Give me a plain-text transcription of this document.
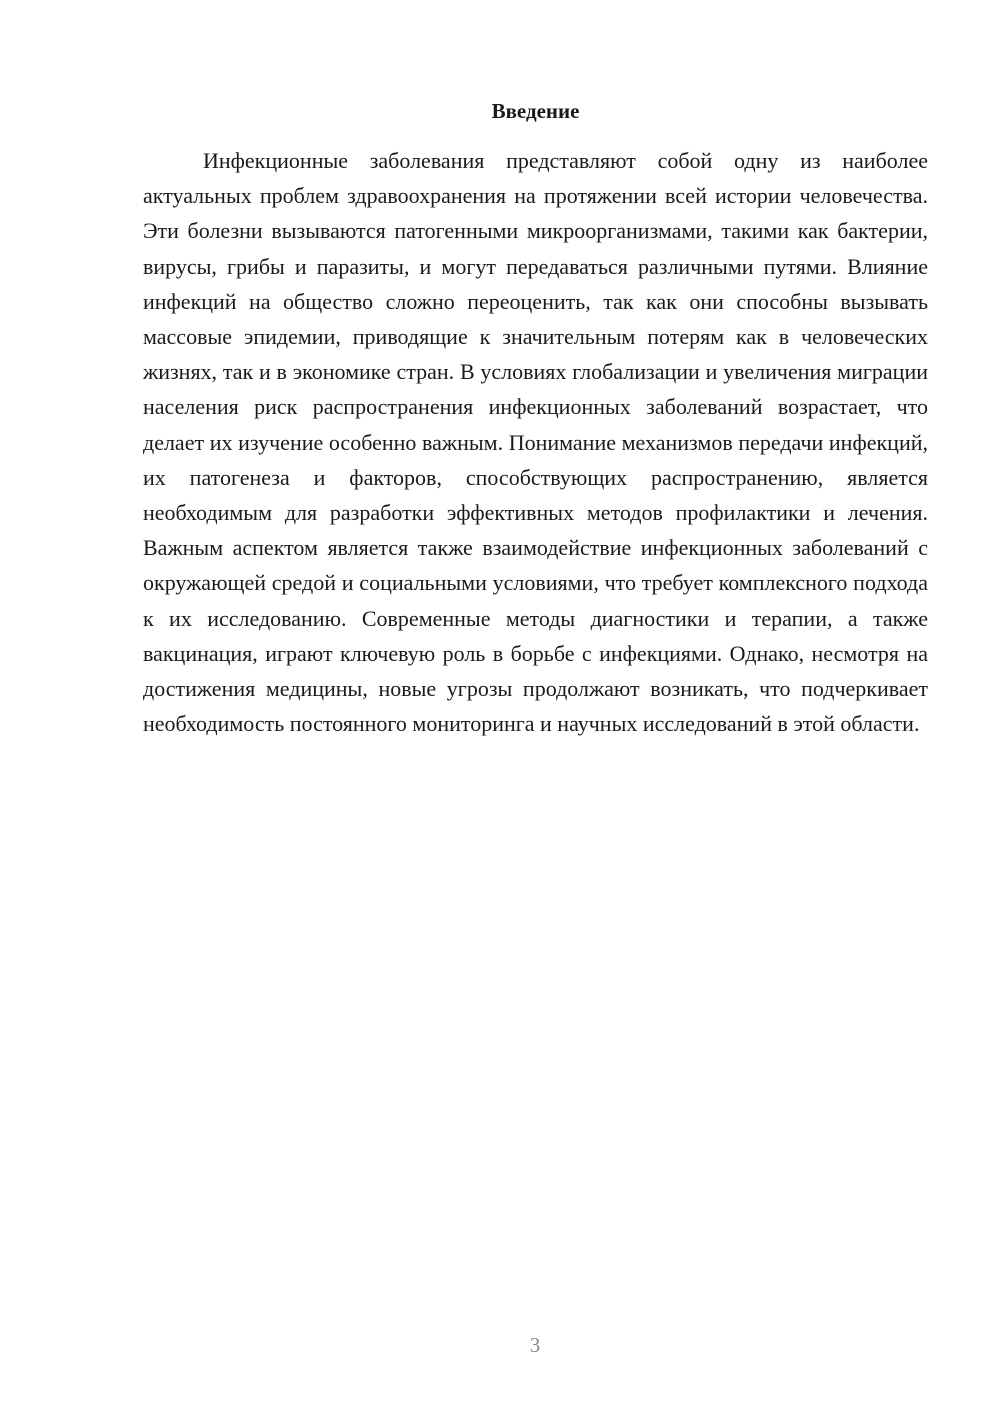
Введение

Инфекционные заболевания представляют собой одну из наиболее актуальных проблем здравоохранения на протяжении всей истории человечества. Эти болезни вызываются патогенными микроорганизмами, такими как бактерии, вирусы, грибы и паразиты, и могут передаваться различными путями. Влияние инфекций на общество сложно переоценить, так как они способны вызывать массовые эпидемии, приводящие к значительным потерям как в человеческих жизнях, так и в экономике стран. В условиях глобализации и увеличения миграции населения риск распространения инфекционных заболеваний возрастает, что делает их изучение особенно важным. Понимание механизмов передачи инфекций, их патогенеза и факторов, способствующих распространению, является необходимым для разработки эффективных методов профилактики и лечения. Важным аспектом является также взаимодействие инфекционных заболеваний с окружающей средой и социальными условиями, что требует комплексного подхода к их исследованию. Современные методы диагностики и терапии, а также вакцинация, играют ключевую роль в борьбе с инфекциями. Однако, несмотря на достижения медицины, новые угрозы продолжают возникать, что подчеркивает необходимость постоянного мониторинга и научных исследований в этой области.

3
